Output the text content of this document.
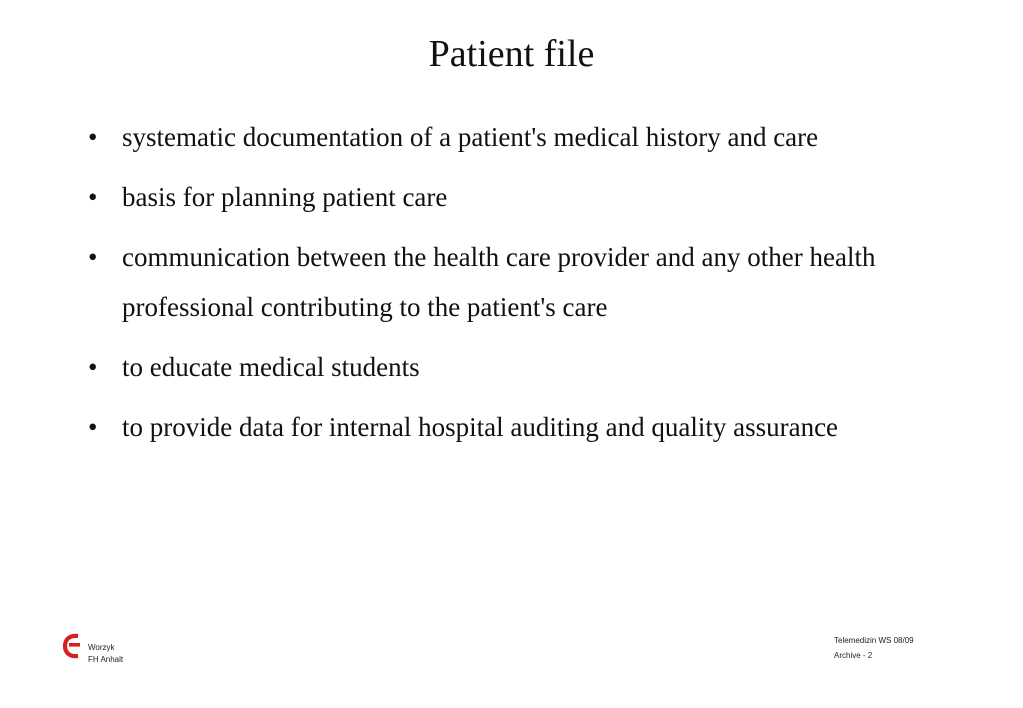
Patient file
• systematic documentation of a patient's medical history and care
• basis for planning patient care
• communication between the health care provider and any other health professional contributing to the patient's care
• to educate medical students
• to provide data for internal hospital auditing and quality assurance
Worzyk
FH Anhalt
Telemedizin WS 08/09
Archive - 2
